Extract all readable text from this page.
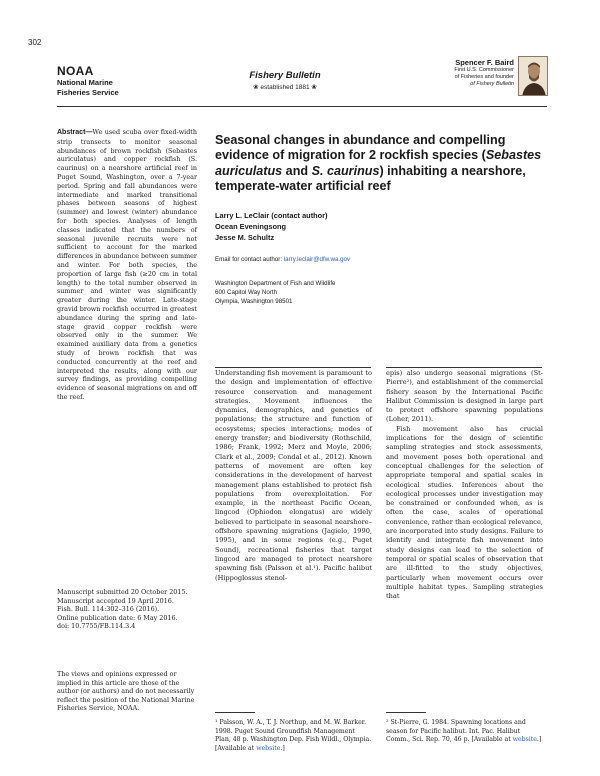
302
NOAA
National Marine
Fisheries Service
Fishery Bulletin
❀ established 1881 ❀
Spencer F. Baird
First U.S. Commissioner
of Fisheries and founder
of Fishery Bulletin
Abstract—We used scuba over fixed-width strip transects to monitor seasonal abundances of brown rockfish (Sebastes auriculatus) and copper rockfish (S. caurinus) on a nearshore artificial reef in Puget Sound, Washington, over a 7-year period. Spring and fall abundances were intermediate and marked transitional phases between seasons of highest (summer) and lowest (winter) abundance for both species. Analyses of length classes indicated that the numbers of seasonal juvenile recruits were not sufficient to account for the marked differences in abundance between summer and winter. For both species, the proportion of large fish (≥20 cm in total length) to the total number observed in summer and winter was significantly greater during the winter. Late-stage gravid brown rockfish occurred in greatest abundance during the spring and late-stage gravid copper rockfish were observed only in the summer. We examined auxiliary data from a genetics study of brown rockfish that was conducted concurrently at the reef and interpreted the results, along with our survey findings, as providing compelling evidence of seasonal migrations on and off the reef.
Manuscript submitted 20 October 2015.
Manuscript accepted 19 April 2016.
Fish. Bull. 114:302–316 (2016).
Online publication date: 6 May 2016.
doi: 10.7755/FB.114.3.4
The views and opinions expressed or implied in this article are those of the author (or authors) and do not necessarily reflect the position of the National Marine Fisheries Service, NOAA.
Seasonal changes in abundance and compelling evidence of migration for 2 rockfish species (Sebastes auriculatus and S. caurinus) inhabiting a nearshore, temperate-water artificial reef
Larry L. LeClair (contact author)
Ocean Eveningsong
Jesse M. Schultz
Email for contact author: larry.leclair@dfw.wa.gov
Washington Department of Fish and Wildlife
600 Capitol Way North
Olympia, Washington 98501

Understanding fish movement is paramount to the design and implementation of effective resource conservation and management strategies. Movement influences the dynamics, demographics, and genetics of populations; the structure and function of ecosystems; species interactions; modes of energy transfer; and biodiversity (Rothschild, 1986; Frank, 1992; Merz and Moyle, 2006; Clark et al., 2009; Condal et al., 2012). Known patterns of movement are often key considerations in the development of harvest management plans established to protect fish populations from overexploitation. For example, in the northeast Pacific Ocean, lingcod (Ophiodon elongatus) are widely believed to participate in seasonal nearshore–offshore spawning migrations (Jagielo, 1990, 1995), and in some regions (e.g., Puget Sound), recreational fisheries that target lingcod are managed to protect nearshore spawning fish (Palsson et al.¹). Pacific halibut (Hippoglossus stenol-

epis) also undergo seasonal migrations (St-Pierre²), and establishment of the commercial fishery season by the International Pacific Halibut Commission is designed in large part to protect offshore spawning populations (Loher, 2011).

Fish movement also has crucial implications for the design of scientific sampling strategies and stock assessments, and movement poses both operational and conceptual challenges for the selection of appropriate temporal and spatial scales in ecological studies. Inferences about the ecological processes under investigation may be constrained or confounded when, as is often the case, scales of operational convenience, rather than ecological relevance, are incorporated into study designs. Failure to identify and integrate fish movement into study designs can lead to the selection of temporal or spatial scales of observation that are ill-fitted to the study objectives, particularly when movement occurs over multiple habitat types. Sampling strategies that

¹ Palsson, W. A., T. J. Northup, and M. W. Barker. 1998. Puget Sound Groundfish Management Plan, 48 p. Washington Dep. Fish Wildl., Olympia. [Available at website.]
² St-Pierre, G. 1984. Spawning locations and season for Pacific halibut. Int. Pac. Halibut Comm., Sci. Rep. 70, 46 p. [Available at website.]
